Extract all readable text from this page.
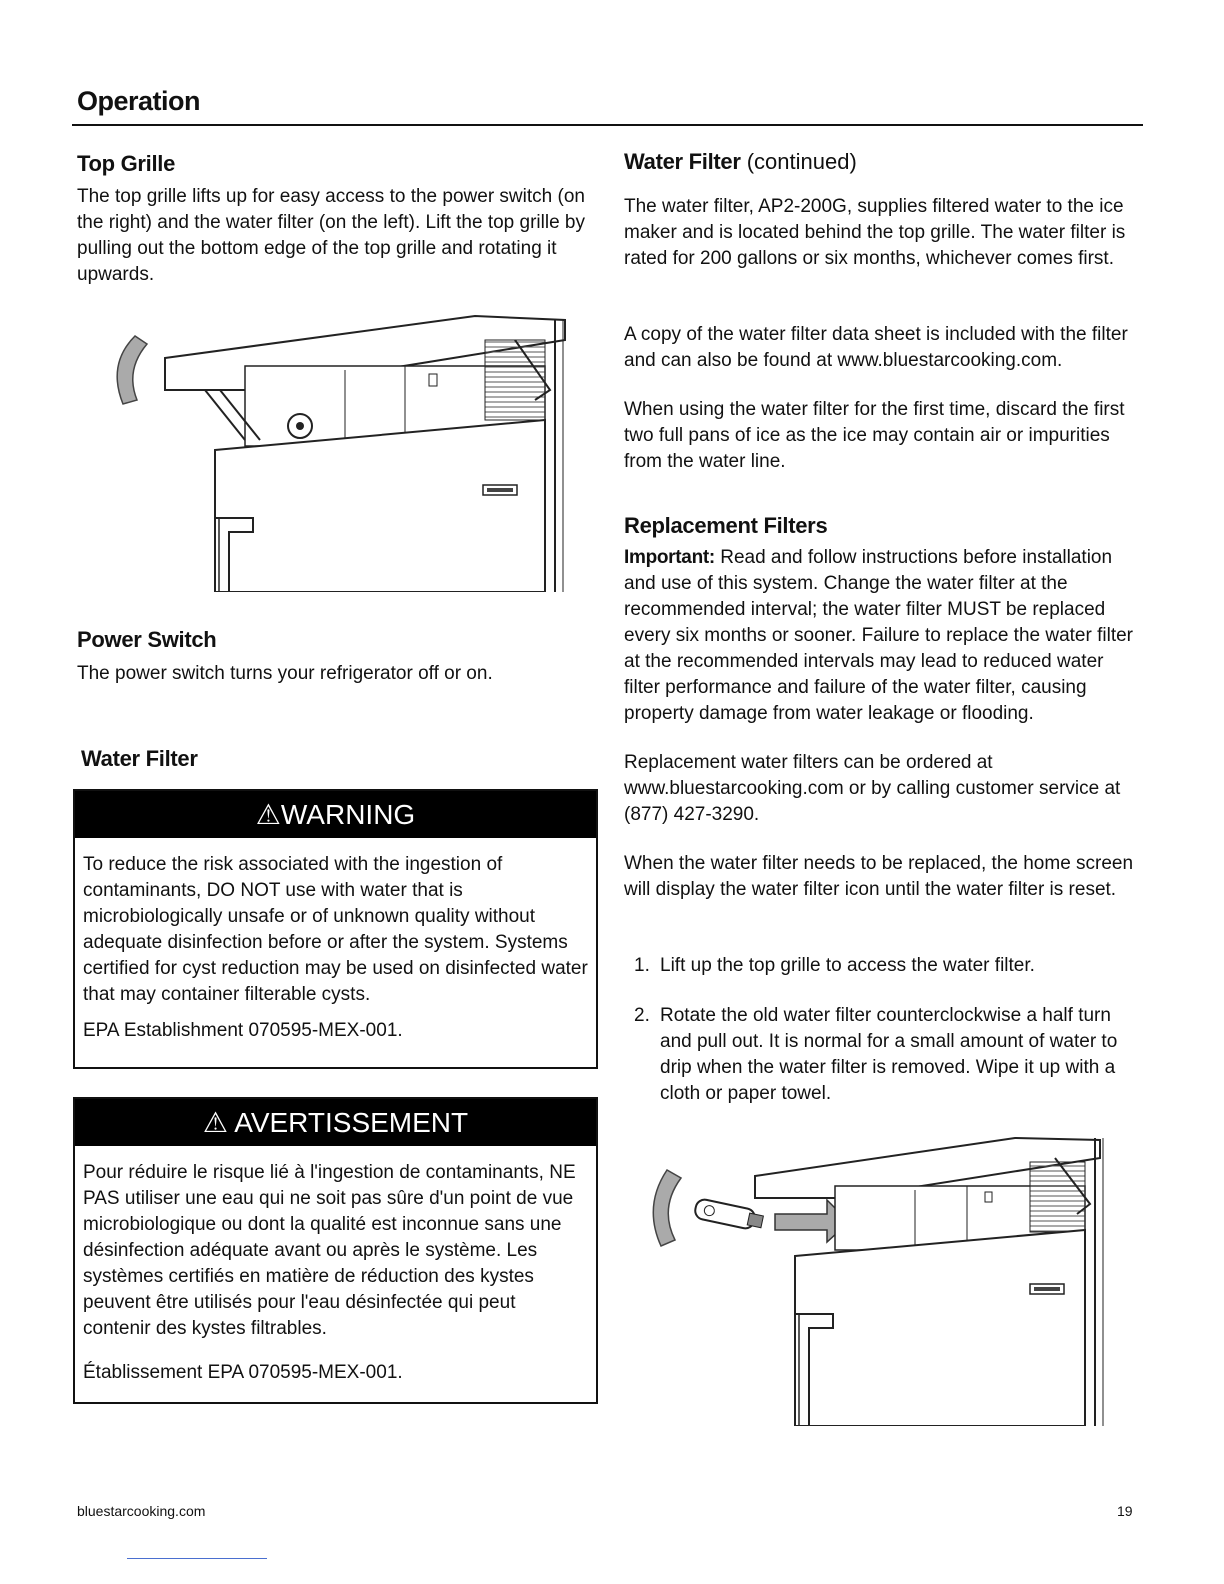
Operation
Top Grille

The top grille lifts up for easy access to the power switch (on the right) and the water filter (on the left). Lift the top grille by pulling out the bottom edge of the top grille and rotating it upwards.

Power Switch

The power switch turns your refrigerator off or on.

Water Filter
⚠WARNING

To reduce the risk associated with the ingestion of contaminants, DO NOT use with water that is microbiologically unsafe or of unknown quality without adequate disinfection before or after the system. Systems certified for cyst reduction may be used on disinfected water that may container filterable cysts.

EPA Establishment 070595-MEX-001.

⚠ AVERTISSEMENT

Pour réduire le risque lié à l'ingestion de contaminants, NE PAS utiliser une eau qui ne soit pas sûre d'un point de vue microbiologique ou dont la qualité est inconnue sans une désinfection adéquate avant ou après le système. Les systèmes certifiés en matière de réduction des kystes peuvent être utilisés pour l'eau désinfectée qui peut contenir des kystes filtrables.

Établissement EPA 070595-MEX-001.

Water Filter (continued)

The water filter, AP2-200G, supplies filtered water to the ice maker and is located behind the top grille. The water filter is rated for 200 gallons or six months, whichever comes first.

A copy of the water filter data sheet is included with the filter and can also be found at www.bluestarcooking.com.

When using the water filter for the first time, discard the first two full pans of ice as the ice may contain air or impurities from the water line.

Replacement Filters

Important: Read and follow instructions before installation and use of this system. Change the water filter at the recommended interval; the water filter MUST be replaced every six months or sooner. Failure to replace the water filter at the recommended intervals may lead to reduced water filter performance and failure of the water filter, causing property damage from water leakage or flooding.

Replacement water filters can be ordered at www.bluestarcooking.com or by calling customer service at (877) 427-3290.

When the water filter needs to be replaced, the home screen will display the water filter icon until the water filter is reset.

1. Lift up the top grille to access the water filter.
2. Rotate the old water filter counterclockwise a half turn and pull out. It is normal for a small amount of water to drip when the water filter is removed. Wipe it up with a cloth or paper towel.
bluestarcooking.com	19
